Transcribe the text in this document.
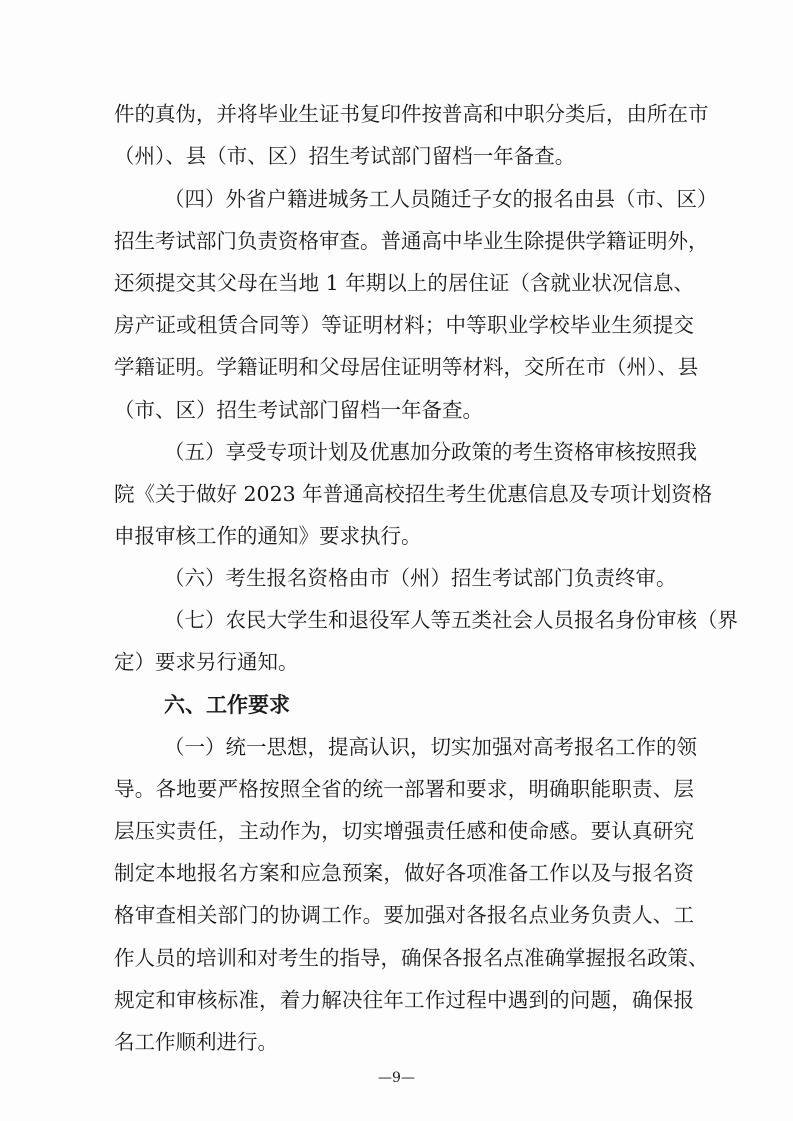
件的真伪，并将毕业生证书复印件按普高和中职分类后，由所在市
（州）、县（市、区）招生考试部门留档一年备查。
（四）外省户籍进城务工人员随迁子女的报名由县（市、区）
招生考试部门负责资格审查。普通高中毕业生除提供学籍证明外，
还须提交其父母在当地 1 年期以上的居住证（含就业状况信息、
房产证或租赁合同等）等证明材料；中等职业学校毕业生须提交
学籍证明。学籍证明和父母居住证明等材料，交所在市（州）、县
（市、区）招生考试部门留档一年备查。
（五）享受专项计划及优惠加分政策的考生资格审核按照我
院《关于做好 2023 年普通高校招生考生优惠信息及专项计划资格
申报审核工作的通知》要求执行。
（六）考生报名资格由市（州）招生考试部门负责终审。
（七）农民大学生和退役军人等五类社会人员报名身份审核（界
定）要求另行通知。
六、工作要求
（一）统一思想，提高认识，切实加强对高考报名工作的领
导。各地要严格按照全省的统一部署和要求，明确职能职责、层
层压实责任，主动作为，切实增强责任感和使命感。要认真研究
制定本地报名方案和应急预案，做好各项准备工作以及与报名资
格审查相关部门的协调工作。要加强对各报名点业务负责人、工
作人员的培训和对考生的指导，确保各报名点准确掌握报名政策、
规定和审核标准，着力解决往年工作过程中遇到的问题，确保报
名工作顺利进行。
—9—
